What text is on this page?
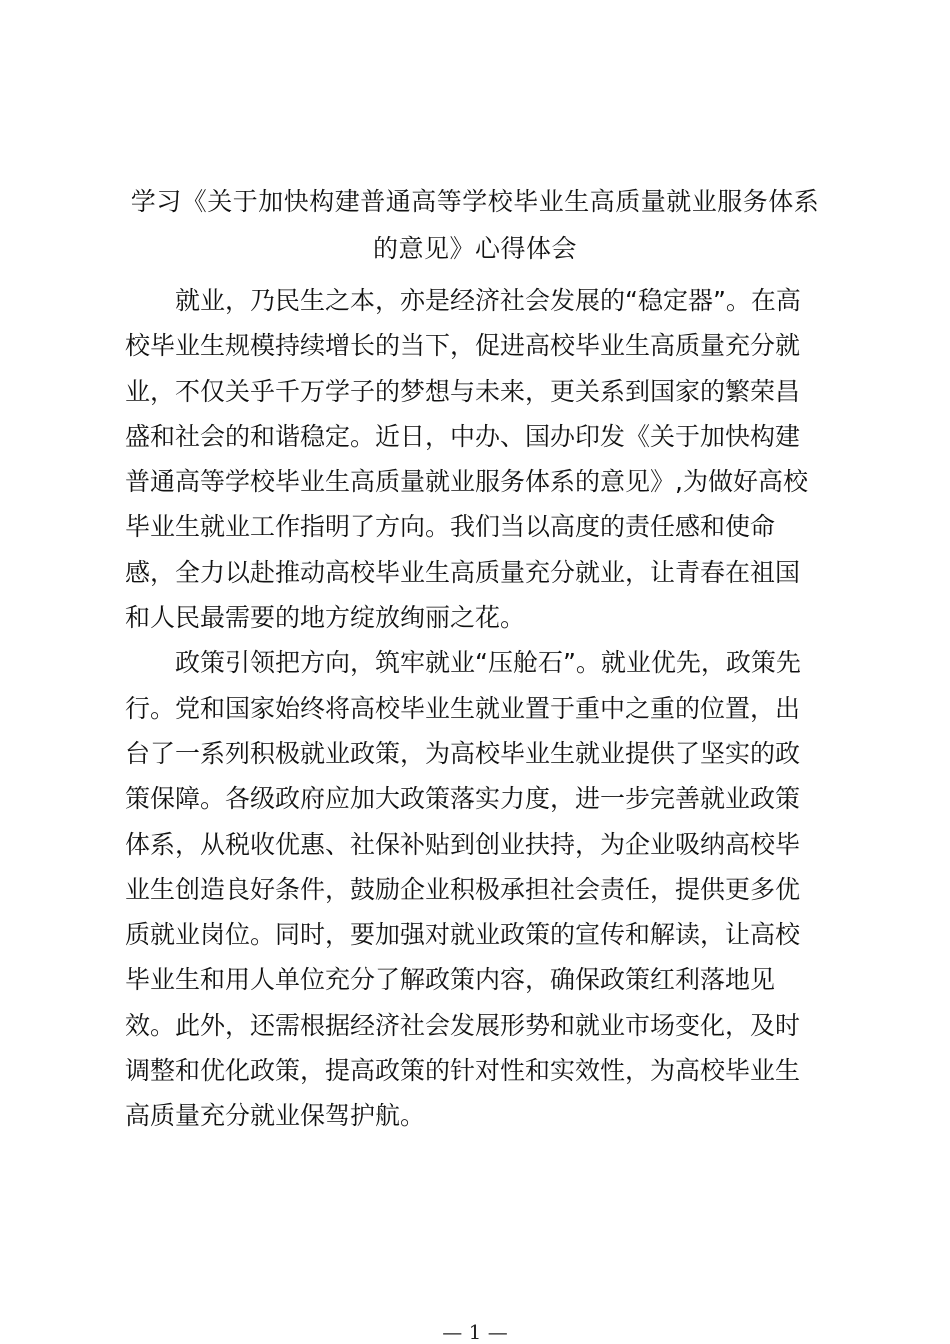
学习《关于加快构建普通高等学校毕业生高质量就业服务体系
的意见》心得体会

　　就业，乃民生之本，亦是经济社会发展的“稳定器”。在高
校毕业生规模持续增长的当下，促进高校毕业生高质量充分就
业，不仅关乎千万学子的梦想与未来，更关系到国家的繁荣昌
盛和社会的和谐稳定。近日，中办、国办印发《关于加快构建
普通高等学校毕业生高质量就业服务体系的意见》,为做好高校
毕业生就业工作指明了方向。我们当以高度的责任感和使命
感，全力以赴推动高校毕业生高质量充分就业，让青春在祖国
和人民最需要的地方绽放绚丽之花。

　　政策引领把方向，筑牢就业“压舱石”。就业优先，政策先
行。党和国家始终将高校毕业生就业置于重中之重的位置，出
台了一系列积极就业政策，为高校毕业生就业提供了坚实的政
策保障。各级政府应加大政策落实力度，进一步完善就业政策
体系，从税收优惠、社保补贴到创业扶持，为企业吸纳高校毕
业生创造良好条件，鼓励企业积极承担社会责任，提供更多优
质就业岗位。同时，要加强对就业政策的宣传和解读，让高校
毕业生和用人单位充分了解政策内容，确保政策红利落地见
效。此外，还需根据经济社会发展形势和就业市场变化，及时
调整和优化政策，提高政策的针对性和实效性，为高校毕业生
高质量充分就业保驾护航。

— 1 —
